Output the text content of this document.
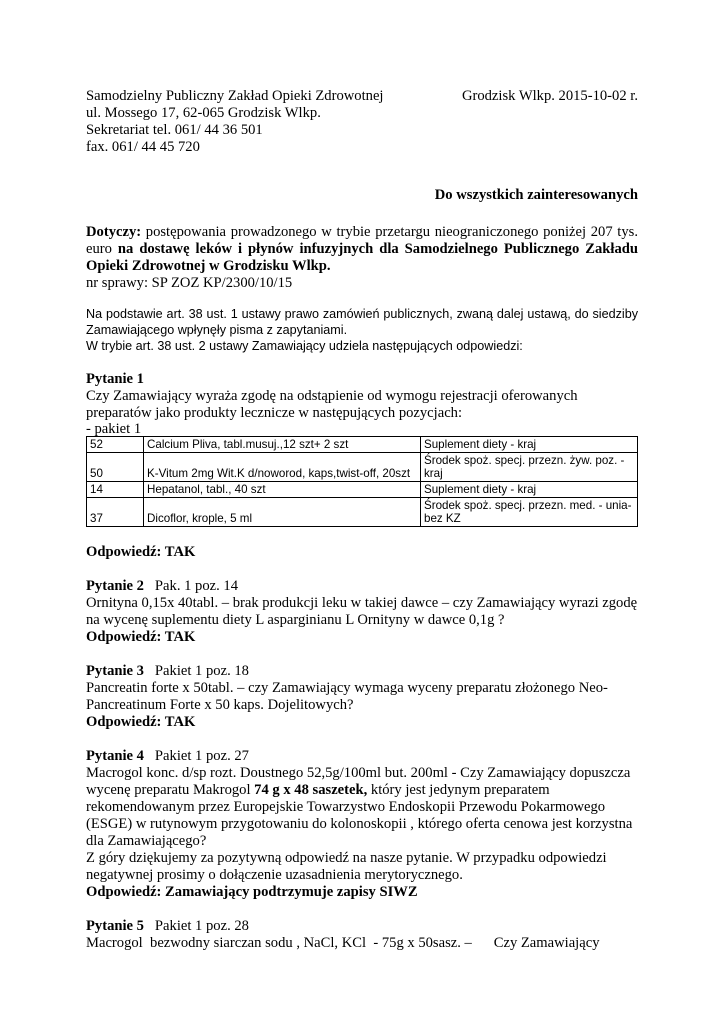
Samodzielny Publiczny Zakład Opieki Zdrowotnej	Grodzisk Wlkp. 2015-10-02 r.
ul. Mossego 17, 62-065 Grodzisk Wlkp.
Sekretariat tel. 061/ 44 36 501
fax. 061/ 44 45 720
Do wszystkich zainteresowanych

Dotyczy: postępowania prowadzonego w trybie przetargu nieograniczonego poniżej 207 tys. euro na dostawę leków i płynów infuzyjnych dla Samodzielnego Publicznego Zakładu Opieki Zdrowotnej w Grodzisku Wlkp.

nr sprawy: SP ZOZ KP/2300/10/15

Na podstawie art. 38 ust. 1 ustawy prawo zamówień publicznych, zwaną dalej ustawą, do siedziby Zamawiającego wpłynęły pisma z zapytaniami.

W trybie art. 38 ust. 2 ustawy Zamawiający udziela następujących odpowiedzi:

Pytanie 1
Czy Zamawiający wyraża zgodę na odstąpienie od wymogu rejestracji oferowanych
preparatów jako produkty lecznicze w następujących pozycjach:
- pakiet 1
52	Calcium Pliva, tabl.musuj.,12 szt+ 2 szt	Suplement diety - kraj
50	K-Vitum 2mg Wit.K d/noworod, kaps,twist-off, 20szt	Środek spoż. specj. przezn. żyw. poz. - kraj
14	Hepatanol, tabl., 40 szt	Suplement diety - kraj
37	Dicoflor, krople, 5 ml	Środek spoż. specj. przezn. med. - unia-bez KZ
Odpowiedź: TAK
Pytanie 2 Pak. 1 poz. 14
Ornityna 0,15x 40tabl. – brak produkcji leku w takiej dawce – czy Zamawiający wyrazi zgodę
na wycenę suplementu diety L asparginianu L Ornityny w dawce 0,1g ?
Odpowiedź: TAK
Pytanie 3 Pakiet 1 poz. 18
Pancreatin forte x 50tabl. – czy Zamawiający wymaga wyceny preparatu złożonego Neo-
Pancreatinum Forte x 50 kaps. Dojelitowych?
Odpowiedź: TAK
Pytanie 4 Pakiet 1 poz. 27
Macrogol konc. d/sp rozt. Doustnego 52,5g/100ml but. 200ml - Czy Zamawiający dopuszcza
wycenę preparatu Makrogol 74 g x 48 saszetek, który jest jedynym preparatem
rekomendowanym przez Europejskie Towarzystwo Endoskopii Przewodu Pokarmowego
(ESGE) w rutynowym przygotowaniu do kolonoskopii , którego oferta cenowa jest korzystna
dla Zamawiającego?
Z góry dziękujemy za pozytywną odpowiedź na nasze pytanie. W przypadku odpowiedzi
negatywnej prosimy o dołączenie uzasadnienia merytorycznego.
Odpowiedź: Zamawiający podtrzymuje zapisy SIWZ
Pytanie 5 Pakiet 1 poz. 28
Macrogol  bezwodny siarczan sodu , NaCl, KCl  - 75g x 50sasz. –      Czy Zamawiający
